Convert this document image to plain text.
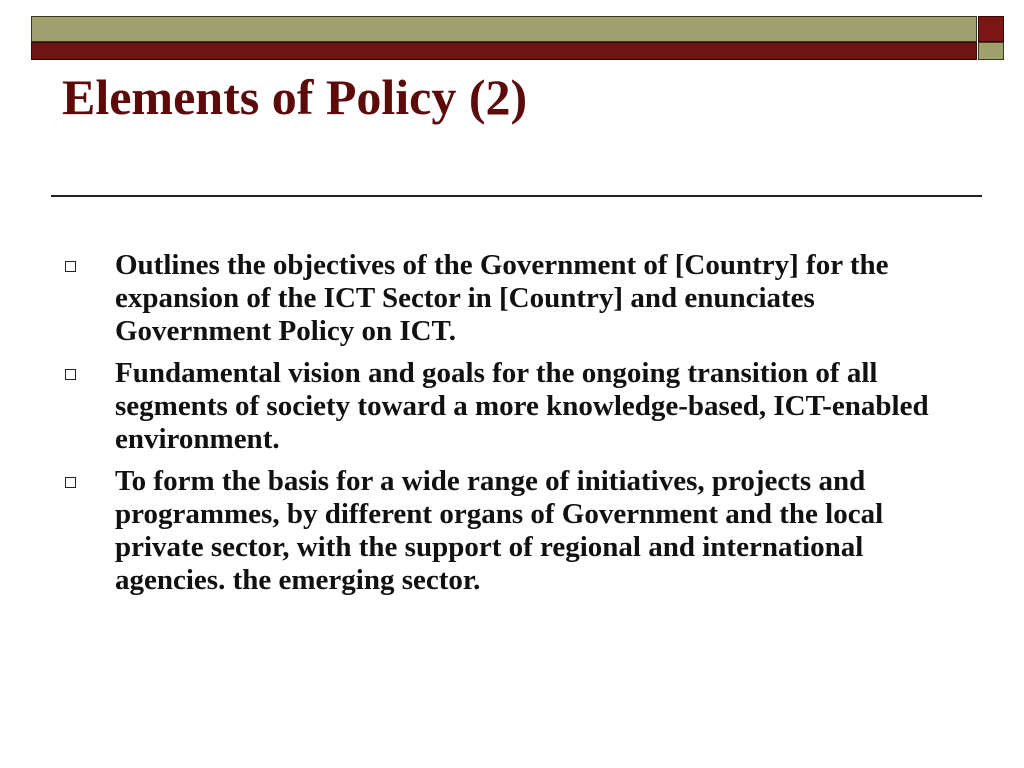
Elements of Policy (2)
Outlines the objectives of the Government of [Country] for the expansion of the ICT Sector in [Country] and enunciates Government Policy on ICT.
Fundamental vision and goals for the ongoing transition of all segments of society toward a more knowledge-based, ICT-enabled environment.
To form the basis for a wide range of initiatives, projects and programmes, by different organs of Government and the local private sector, with the support of regional and international agencies. the emerging sector.
